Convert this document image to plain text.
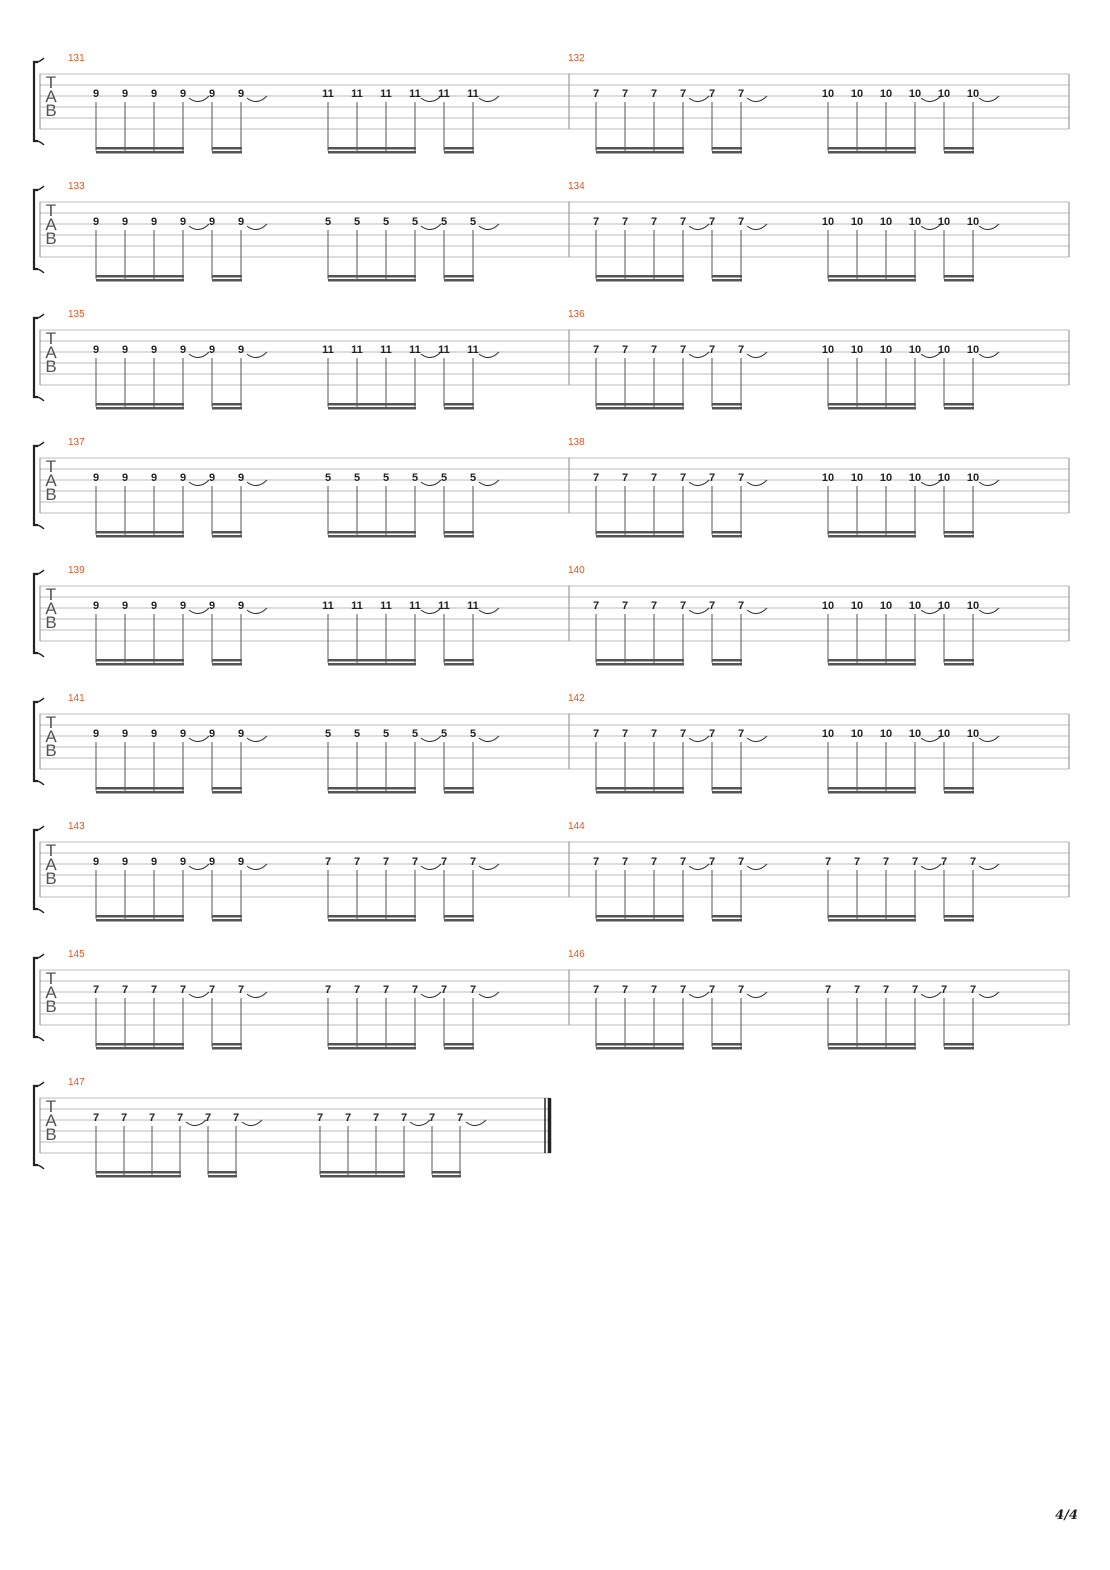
T
A
B
131
9 9 9 9 9 9	11 11 11 11 11 11
132
7 7 7 7 7 7	10 10 10 10 10 10
T
A
B
133
9 9 9 9 9 9	5 5 5 5 5 5
134
7 7 7 7 7 7	10 10 10 10 10 10
T
A
B
135
9 9 9 9 9 9	11 11 11 11 11 11
136
7 7 7 7 7 7	10 10 10 10 10 10
T
A
B
137
9 9 9 9 9 9	5 5 5 5 5 5
138
7 7 7 7 7 7	10 10 10 10 10 10
T
A
B
139
9 9 9 9 9 9	11 11 11 11 11 11
140
7 7 7 7 7 7	10 10 10 10 10 10
T
A
B
141
9 9 9 9 9 9	5 5 5 5 5 5
142
7 7 7 7 7 7	10 10 10 10 10 10
T
A
B
143
9 9 9 9 9 9	7 7 7 7 7 7
144
7 7 7 7 7 7	7 7 7 7 7 7
T
A
B
145
7 7 7 7 7 7	7 7 7 7 7 7
146
7 7 7 7 7 7	7 7 7 7 7 7
T
A
B
147
7 7 7 7 7 7	7 7 7 7 7 7
4/4
